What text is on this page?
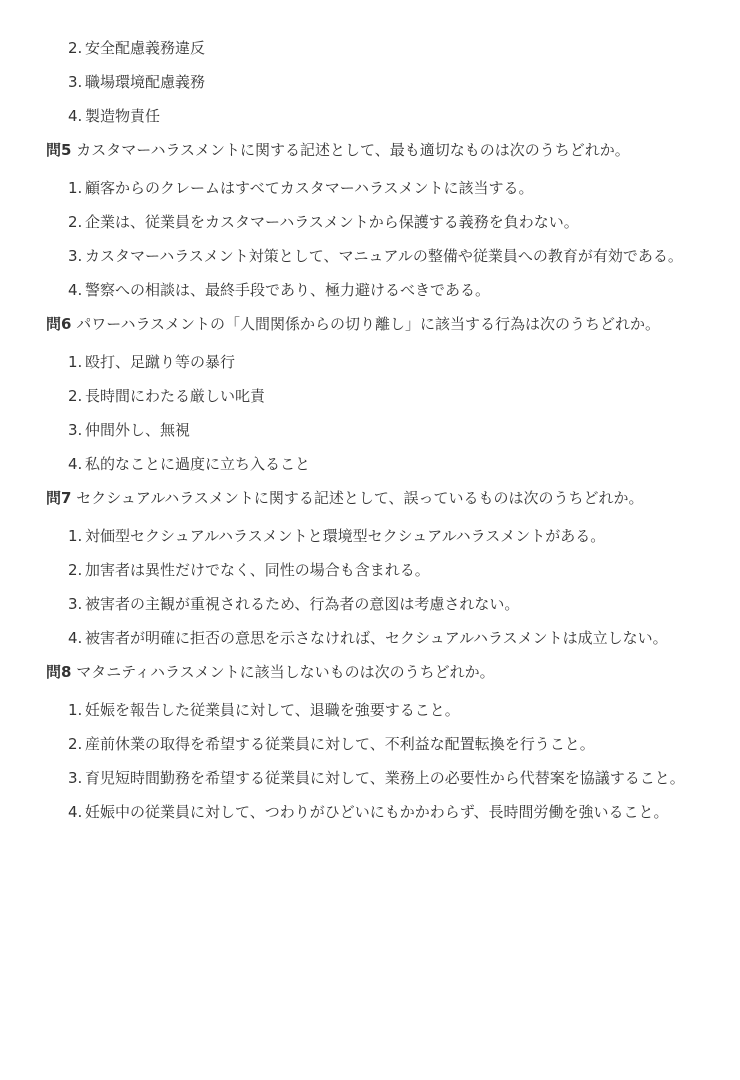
2. 安全配慮義務違反
3. 職場環境配慮義務
4. 製造物責任

問5 カスタマーハラスメントに関する記述として、最も適切なものは次のうちどれか。

1. 顧客からのクレームはすべてカスタマーハラスメントに該当する。
2. 企業は、従業員をカスタマーハラスメントから保護する義務を負わない。
3. カスタマーハラスメント対策として、マニュアルの整備や従業員への教育が有効である。
4. 警察への相談は、最終手段であり、極力避けるべきである。

問6 パワーハラスメントの「人間関係からの切り離し」に該当する行為は次のうちどれか。

1. 殴打、足蹴り等の暴行
2. 長時間にわたる厳しい叱責
3. 仲間外し、無視
4. 私的なことに過度に立ち入ること

問7 セクシュアルハラスメントに関する記述として、誤っているものは次のうちどれか。

1. 対価型セクシュアルハラスメントと環境型セクシュアルハラスメントがある。
2. 加害者は異性だけでなく、同性の場合も含まれる。
3. 被害者の主観が重視されるため、行為者の意図は考慮されない。
4. 被害者が明確に拒否の意思を示さなければ、セクシュアルハラスメントは成立しない。

問8 マタニティハラスメントに該当しないものは次のうちどれか。

1. 妊娠を報告した従業員に対して、退職を強要すること。
2. 産前休業の取得を希望する従業員に対して、不利益な配置転換を行うこと。
3. 育児短時間勤務を希望する従業員に対して、業務上の必要性から代替案を協議すること。
4. 妊娠中の従業員に対して、つわりがひどいにもかかわらず、長時間労働を強いること。
